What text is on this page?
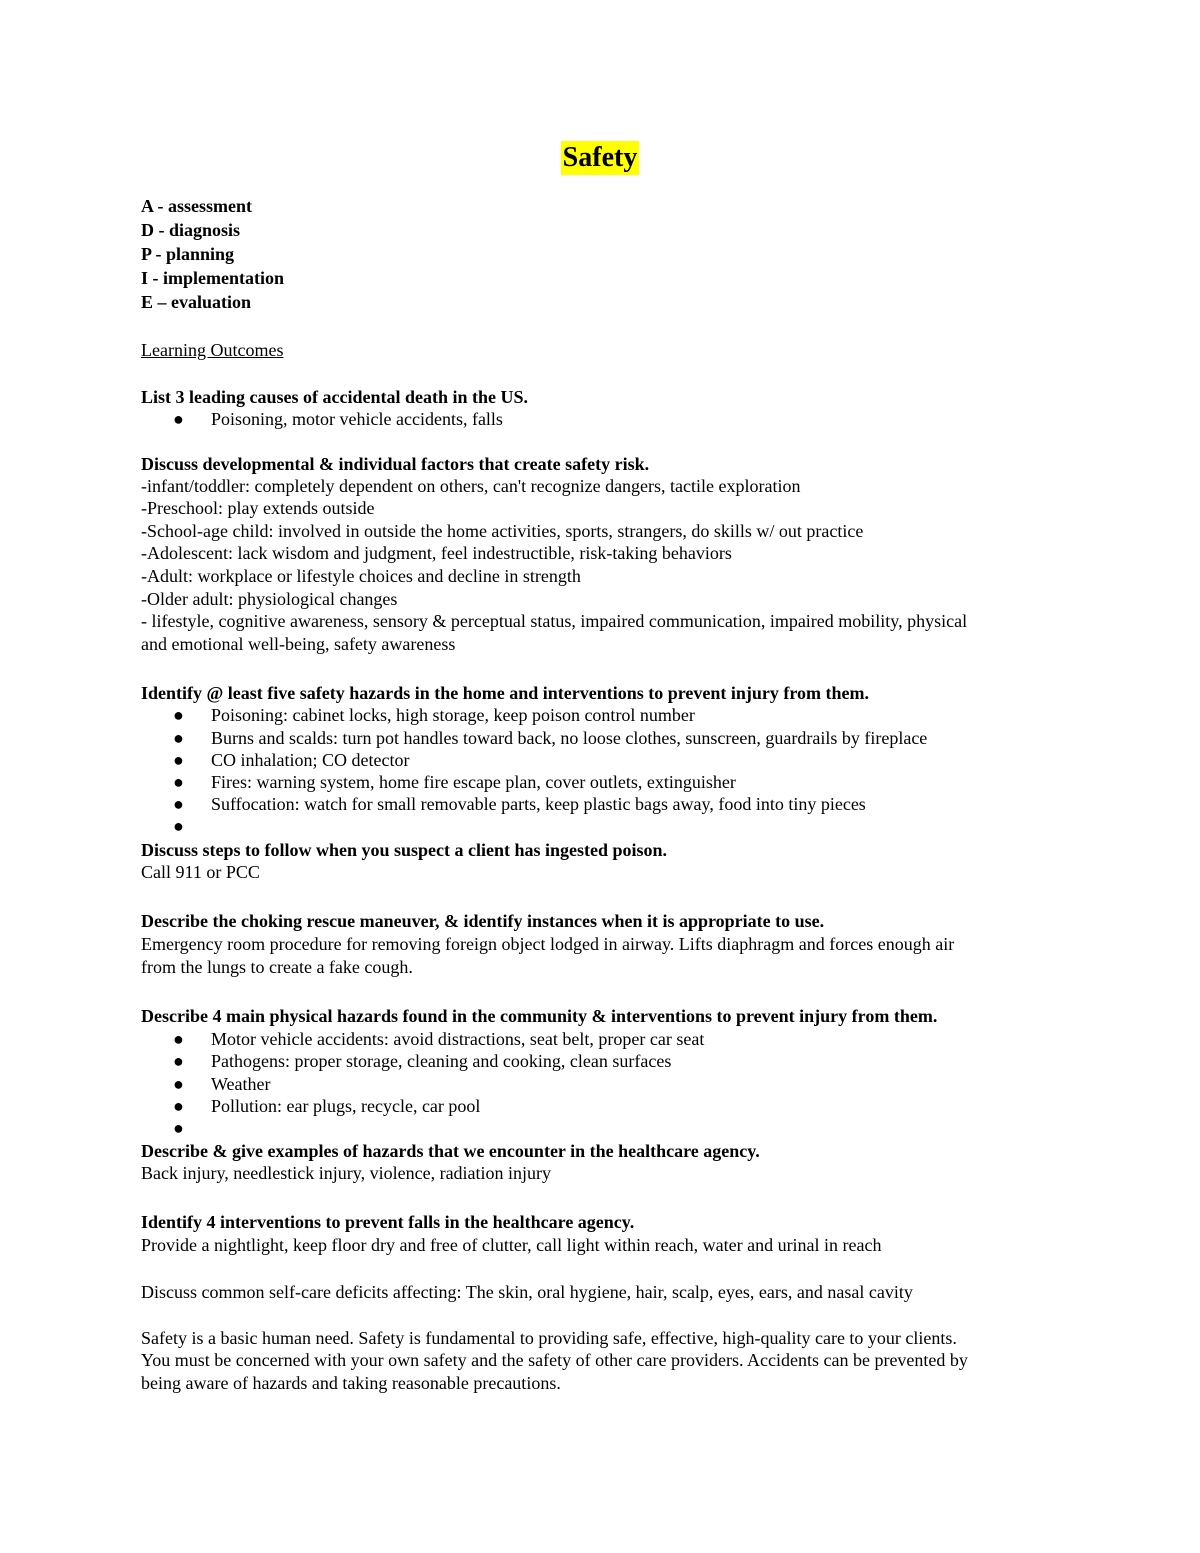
Safety
A - assessment
D - diagnosis
P - planning
I - implementation
E – evaluation
Learning Outcomes
List 3 leading causes of accidental death in the US.
● Poisoning, motor vehicle accidents, falls
Discuss developmental & individual factors that create safety risk.
-infant/toddler: completely dependent on others, can't recognize dangers, tactile exploration
-Preschool: play extends outside
-School-age child: involved in outside the home activities, sports, strangers, do skills w/ out practice
-Adolescent: lack wisdom and judgment, feel indestructible, risk-taking behaviors
-Adult: workplace or lifestyle choices and decline in strength
-Older adult: physiological changes
- lifestyle, cognitive awareness, sensory & perceptual status, impaired communication, impaired mobility, physical
and emotional well-being, safety awareness
Identify @ least five safety hazards in the home and interventions to prevent injury from them.
● Poisoning: cabinet locks, high storage, keep poison control number
● Burns and scalds: turn pot handles toward back, no loose clothes, sunscreen, guardrails by fireplace
● CO inhalation; CO detector
● Fires: warning system, home fire escape plan, cover outlets, extinguisher
● Suffocation: watch for small removable parts, keep plastic bags away, food into tiny pieces
●
Discuss steps to follow when you suspect a client has ingested poison.
Call 911 or PCC
Describe the choking rescue maneuver, & identify instances when it is appropriate to use.
Emergency room procedure for removing foreign object lodged in airway. Lifts diaphragm and forces enough air
from the lungs to create a fake cough.
Describe 4 main physical hazards found in the community & interventions to prevent injury from them.
● Motor vehicle accidents: avoid distractions, seat belt, proper car seat
● Pathogens: proper storage, cleaning and cooking, clean surfaces
● Weather
● Pollution: ear plugs, recycle, car pool
●
Describe & give examples of hazards that we encounter in the healthcare agency.
Back injury, needlestick injury, violence, radiation injury
Identify 4 interventions to prevent falls in the healthcare agency.
Provide a nightlight, keep floor dry and free of clutter, call light within reach, water and urinal in reach
Discuss common self-care deficits affecting: The skin, oral hygiene, hair, scalp, eyes, ears, and nasal cavity
Safety is a basic human need. Safety is fundamental to providing safe, effective, high-quality care to your clients.
You must be concerned with your own safety and the safety of other care providers. Accidents can be prevented by
being aware of hazards and taking reasonable precautions.
